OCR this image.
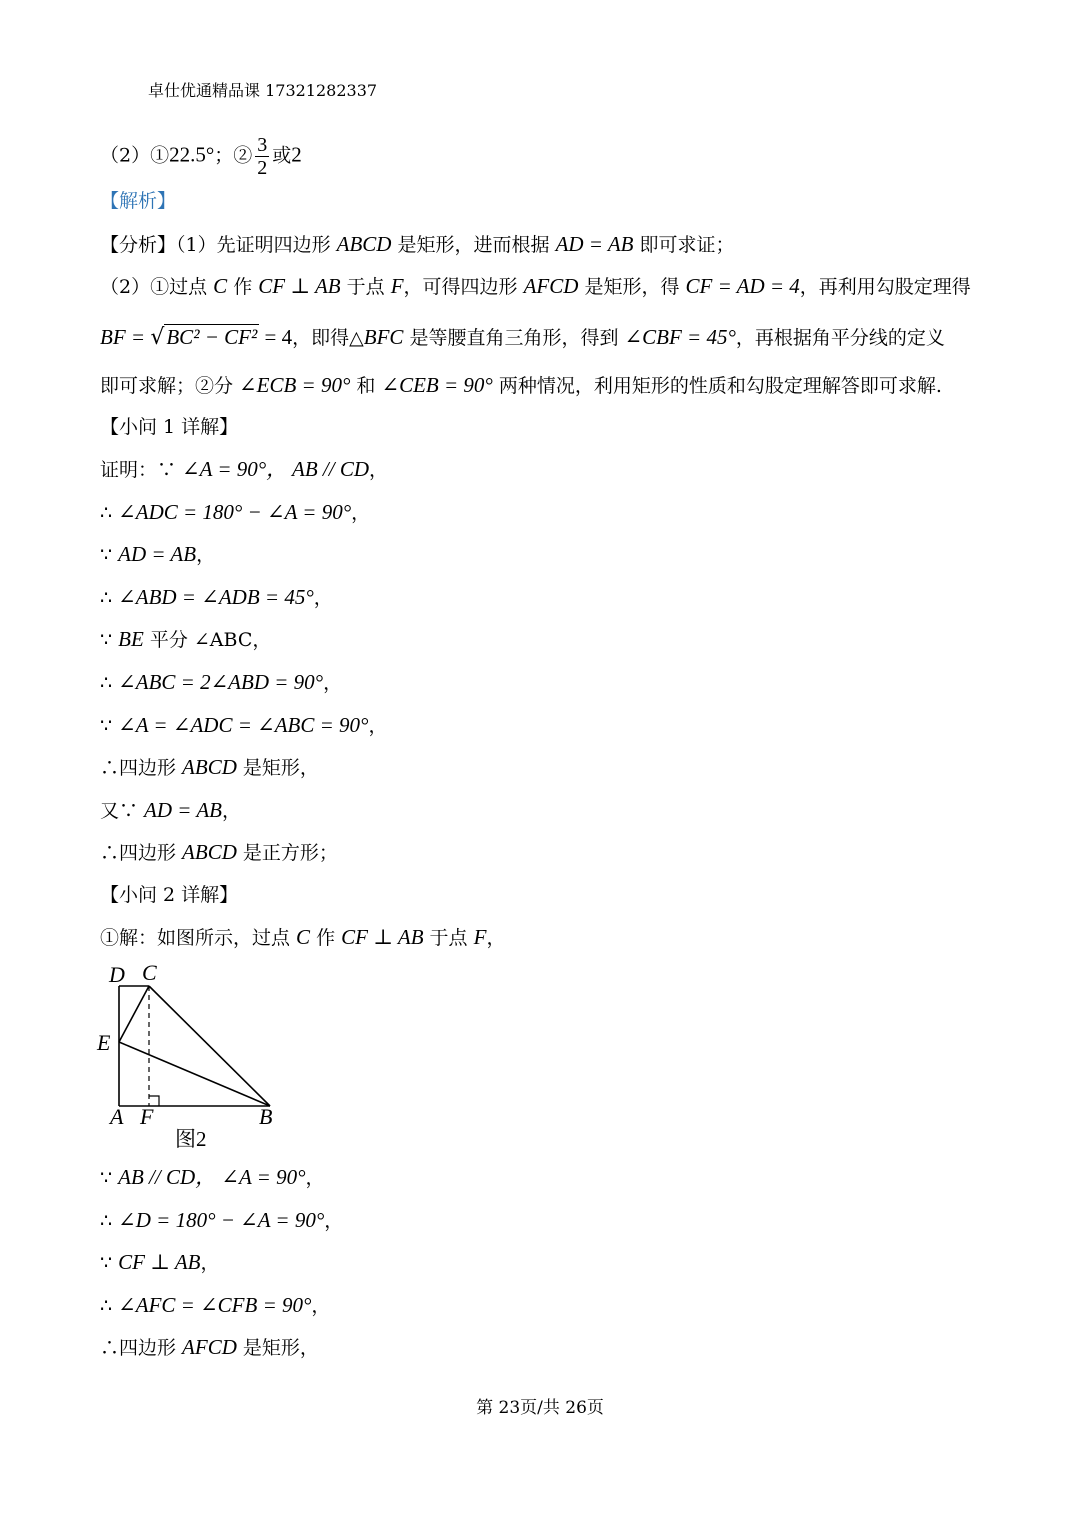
卓仕优通精品课 17321282337
（2）①22.5°；② $\frac{3}{2}$ 或2
【解析】
【分析】（1）先证明四边形 ABCD 是矩形，进而根据 AD = AB 即可求证；
（2）①过点 C 作 CF ⊥ AB 于点 F，可得四边形 AFCD 是矩形，得 CF = AD = 4，再利用勾股定理得
BF = √BC² − CF² = 4，即得△BFC 是等腰直角三角形，得到 ∠CBF = 45°，再根据角平分线的定义
即可求解；②分 ∠ECB = 90° 和 ∠CEB = 90° 两种情况，利用矩形的性质和勾股定理解答即可求解.
【小问 1 详解】
证明：∵ ∠A = 90°， AB // CD，
∴ ∠ADC = 180° − ∠A = 90°，
∵ AD = AB，
∴ ∠ABD = ∠ADB = 45°，
∵ BE 平分 ∠ABC，
∴ ∠ABC = 2∠ABD = 90°，
∵ ∠A = ∠ADC = ∠ABC = 90°，
∴四边形 ABCD 是矩形，
又∵ AD = AB，
∴四边形 ABCD 是正方形；
【小问 2 详解】
①解：如图所示，过点 C 作 CF ⊥ AB 于点 F，
D C
E
A F	B
图2
∵ AB // CD， ∠A = 90°，
∴ ∠D = 180° − ∠A = 90°，
∵ CF ⊥ AB，
∴ ∠AFC = ∠CFB = 90°，
∴四边形 AFCD 是矩形，
第 23页/共 26页
